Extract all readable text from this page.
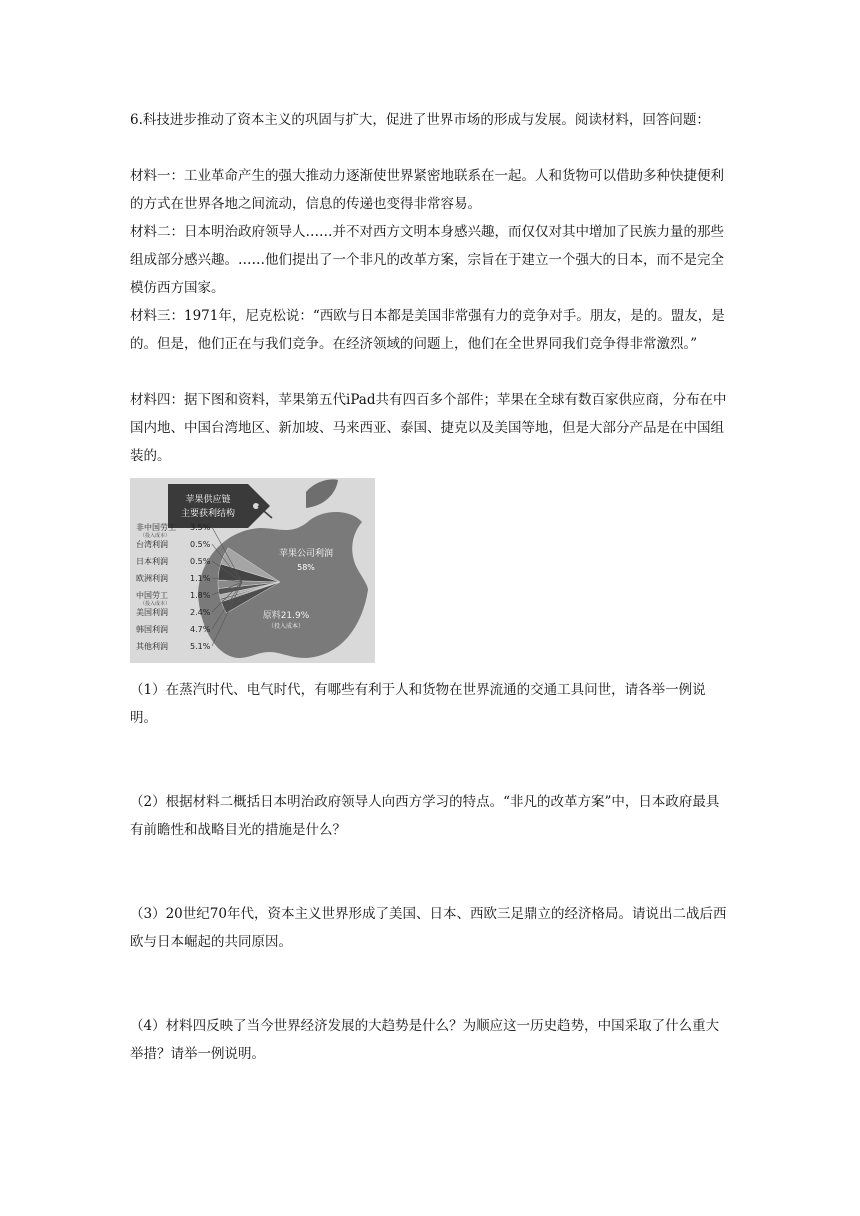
6.科技进步推动了资本主义的巩固与扩大，促进了世界市场的形成与发展。阅读材料，回答问题：

材料一：工业革命产生的强大推动力逐渐使世界紧密地联系在一起。人和货物可以借助多种快捷便利的方式在世界各地之间流动，信息的传递也变得非常容易。

材料二：日本明治政府领导人……并不对西方文明本身感兴趣，而仅仅对其中增加了民族力量的那些组成部分感兴趣。……他们提出了一个非凡的改革方案，宗旨在于建立一个强大的日本，而不是完全模仿西方国家。

材料三：1971年，尼克松说：“西欧与日本都是美国非常强有力的竞争对手。朋友，是的。盟友，是的。但是，他们正在与我们竞争。在经济领域的问题上，他们在全世界同我们竞争得非常激烈。”

材料四：据下图和资料，苹果第五代iPad共有四百多个部件；苹果在全球有数百家供应商，分布在中国内地、中国台湾地区、新加坡、马来西亚、泰国、捷克以及美国等地，但是大部分产品是在中国组装的。

苹果供应链
主要获利结构
非中国劳工 3.5%
（投入成本）
台湾利润	0.5%
日本利润	0.5%
欧洲利润	1.1%
中国劳工	1.8%
（投入成本）
美国利润	2.4%
韩国利润	4.7%
其他利润	5.1%
苹果公司利润
58%
原料21.9%
（投入成本）

（1）在蒸汽时代、电气时代，有哪些有利于人和货物在世界流通的交通工具问世，请各举一例说明。

（2）根据材料二概括日本明治政府领导人向西方学习的特点。“非凡的改革方案”中，日本政府最具有前瞻性和战略目光的措施是什么？

（3）20世纪70年代，资本主义世界形成了美国、日本、西欧三足鼎立的经济格局。请说出二战后西欧与日本崛起的共同原因。

（4）材料四反映了当今世界经济发展的大趋势是什么？为顺应这一历史趋势，中国采取了什么重大举措？请举一例说明。
